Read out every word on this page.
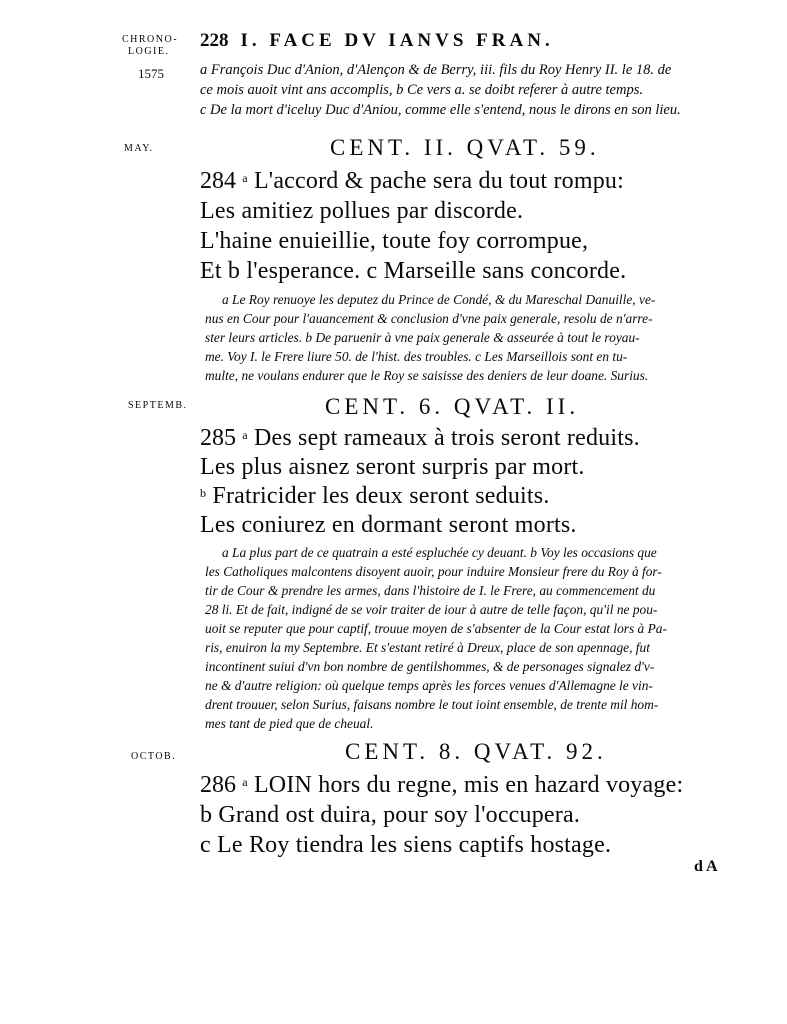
CHRONO-
LOGIE.
1575
MAY.
SEPTEMB.
OCTOB.
228 I. FACE DV IANVS FRAN.
a François Duc d'Anion, d'Alençon & de Berry, iii. fils du Roy Henry II. le 18. de
ce mois auoit vint ans accomplis, b Ce vers a. se doibt referer à autre temps.
c De la mort d'iceluy Duc d'Aniou, comme elle s'entend, nous le dirons en son lieu.
CENT. II. QVAT. 59.
284 $^a$ L'accord & pache sera du tout rompu:
Les amitiez pollues par discorde.
L'haine enuieillie, toute foy corrompue,
Et b l'esperance. c Marseille sans concorde.
a Le Roy renuoye les deputez du Prince de Condé, & du Mareschal Danuille, ve-
nus en Cour pour l'auancement & conclusion d'vne paix generale, resolu de n'arre-
ster leurs articles. b De paruenir à vne paix generale & asseurée à tout le royau-
me. Voy I. le Frere liure 50. de l'hist. des troubles. c Les Marseillois sont en tu-
multe, ne voulans endurer que le Roy se saisisse des deniers de leur doane. Surius.
CENT. 6. QVAT. II.
285 $^a$ Des sept rameaux à trois seront reduits.
Les plus aisnez seront surpris par mort.
$^b$ Fratricider les deux seront seduits.
Les coniurez en dormant seront morts.
a La plus part de ce quatrain a esté espluchée cy deuant. b Voy les occasions que
les Catholiques malcontens disoyent auoir, pour induire Monsieur frere du Roy à for-
tir de Cour & prendre les armes, dans l'histoire de I. le Frere, au commencement du
28 li. Et de fait, indigné de se voir traiter de iour à autre de telle façon, qu'il ne pou-
uoit se reputer que pour captif, trouue moyen de s'absenter de la Cour estat lors à Pa-
ris, enuiron la my Septembre. Et s'estant retiré à Dreux, place de son apennage, fut
incontinent suiui d'vn bon nombre de gentilshommes, & de personages signalez d'v-
ne & d'autre religion: où quelque temps après les forces venues d'Allemagne le vin-
drent trouuer, selon Surius, faisans nombre le tout ioint ensemble, de trente mil hom-
mes tant de pied que de cheual.
CENT. 8. QVAT. 92.
286 $^a$ LOIN hors du regne, mis en hazard voyage:
b Grand ost duira, pour soy l'occupera.
c Le Roy tiendra les siens captifs hostage.
d A
